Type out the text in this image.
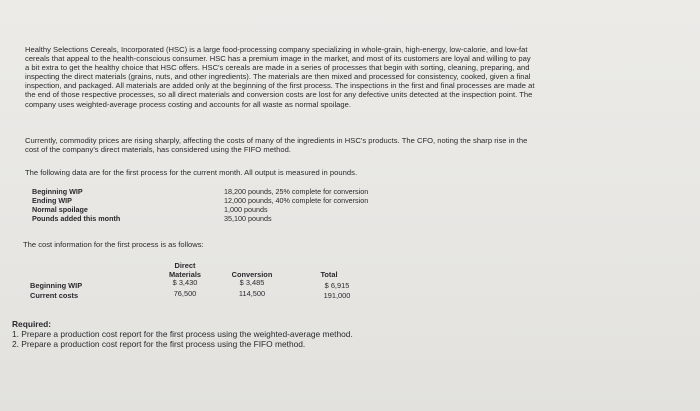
Healthy Selections Cereals, Incorporated (HSC) is a large food-processing company specializing in whole-grain, high-energy, low-calorie, and low-fat
cereals that appeal to the health-conscious consumer. HSC has a premium image in the market, and most of its customers are loyal and willing to pay
a bit extra to get the healthy choice that HSC offers. HSC's cereals are made in a series of processes that begin with sorting, cleaning, preparing, and
inspecting the direct materials (grains, nuts, and other ingredients). The materials are then mixed and processed for consistency, cooked, given a final
inspection, and packaged. All materials are added only at the beginning of the first process. The inspections in the first and final processes are made at
the end of those respective processes, so all direct materials and conversion costs are lost for any defective units detected at the inspection point. The
company uses weighted-average process costing and accounts for all waste as normal spoilage.

Currently, commodity prices are rising sharply, affecting the costs of many of the ingredients in HSC's products. The CFO, noting the sharp rise in the
cost of the company's direct materials, has considered using the FIFO method.

The following data are for the first process for the current month. All output is measured in pounds.

Beginning WIP	18,200 pounds, 25% complete for conversion
Ending WIP	12,000 pounds, 40% complete for conversion
Normal spoilage	1,000 pounds
Pounds added this month	35,100 pounds

The cost information for the first process is as follows:

Direct
Materials	Conversion	Total
Beginning WIP	$ 3,430	$ 3,485	$ 6,915
Current costs	76,500	114,500	191,000
Required:
1. Prepare a production cost report for the first process using the weighted-average method.
2. Prepare a production cost report for the first process using the FIFO method.
